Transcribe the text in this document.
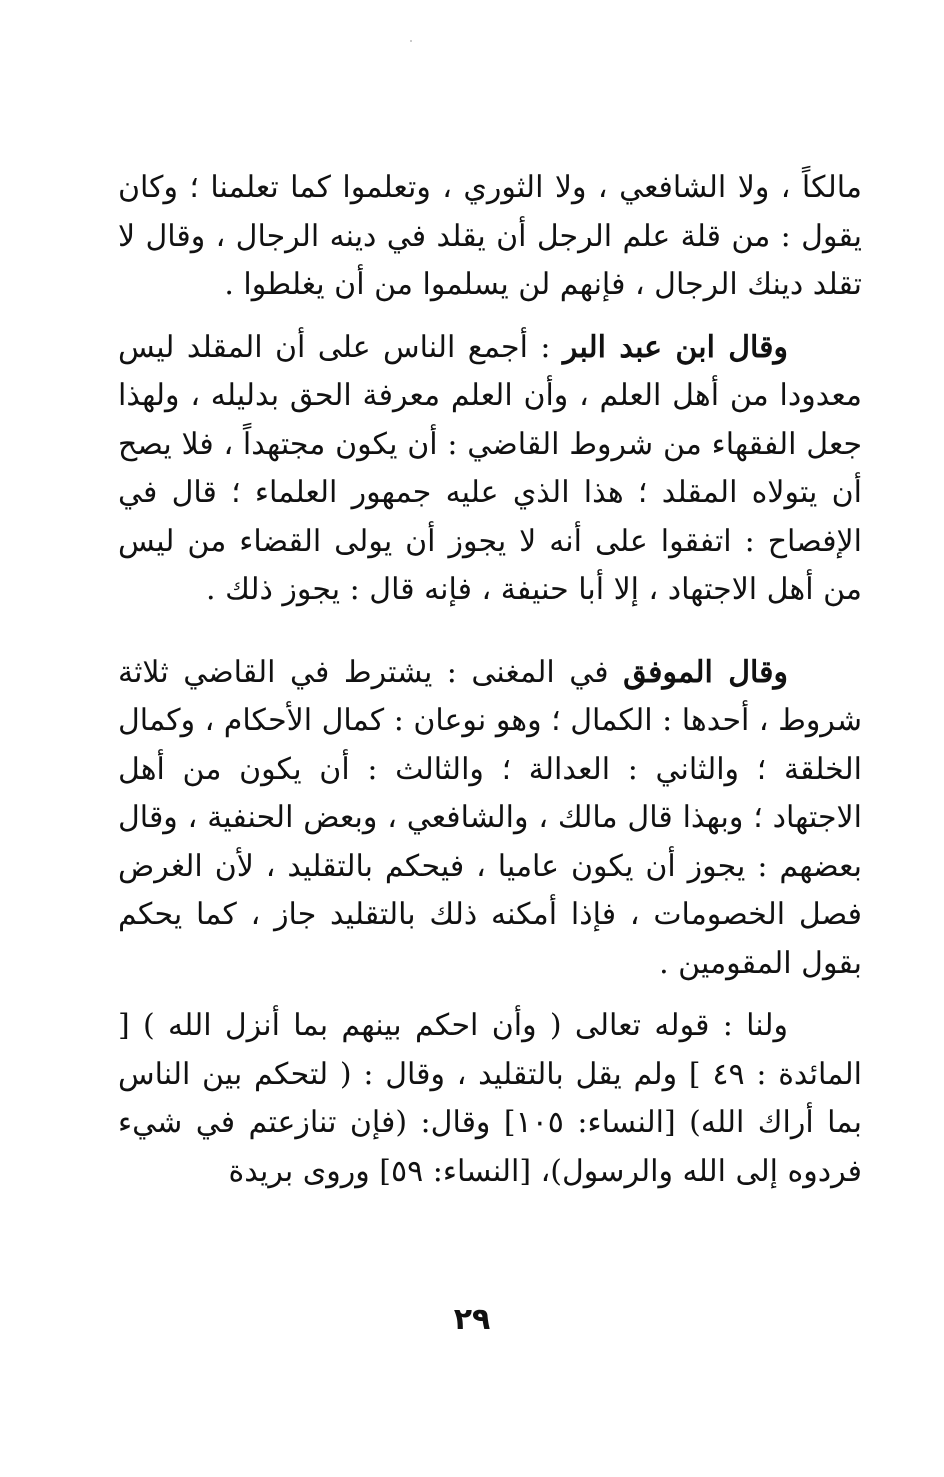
مالكاً ، ولا الشافعي ، ولا الثوري ، وتعلموا كما تعلمنا ؛ وكان يقول : من قلة علم الرجل أن يقلد في دينه الرجال ، وقال لا تقلد دينك الرجال ، فإنهم لن يسلموا من أن يغلطوا .

وقال ابن عبد البر : أجمع الناس على أن المقلد ليس معدودا من أهل العلم ، وأن العلم معرفة الحق بدليله ، ولهذا جعل الفقهاء من شروط القاضي : أن يكون مجتهداً ، فلا يصح أن يتولاه المقلد ؛ هذا الذي عليه جمهور العلماء ؛ قال في الإفصاح : اتفقوا على أنه لا يجوز أن يولى القضاء من ليس من أهل الاجتهاد ، إلا أبا حنيفة ، فإنه قال : يجوز ذلك .

وقال الموفق في المغنى : يشترط في القاضي ثلاثة شروط ، أحدها : الكمال ؛ وهو نوعان : كمال الأحكام ، وكمال الخلقة ؛ والثاني : العدالة ؛ والثالث : أن يكون من أهل الاجتهاد ؛ وبهذا قال مالك ، والشافعي ، وبعض الحنفية ، وقال بعضهم : يجوز أن يكون عاميا ، فيحكم بالتقليد ، لأن الغرض فصل الخصومات ، فإذا أمكنه ذلك بالتقليد جاز ، كما يحكم بقول المقومين .

ولنا : قوله تعالى ( وأن احكم بينهم بما أنزل الله ) [ المائدة : ٤٩ ] ولم يقل بالتقليد ، وقال : ( لتحكم بين الناس بما أراك الله) [النساء: ١٠٥] وقال: (فإن تنازعتم في شيء فردوه إلى الله والرسول)، [النساء: ٥٩] وروى بريدة

٢٩
